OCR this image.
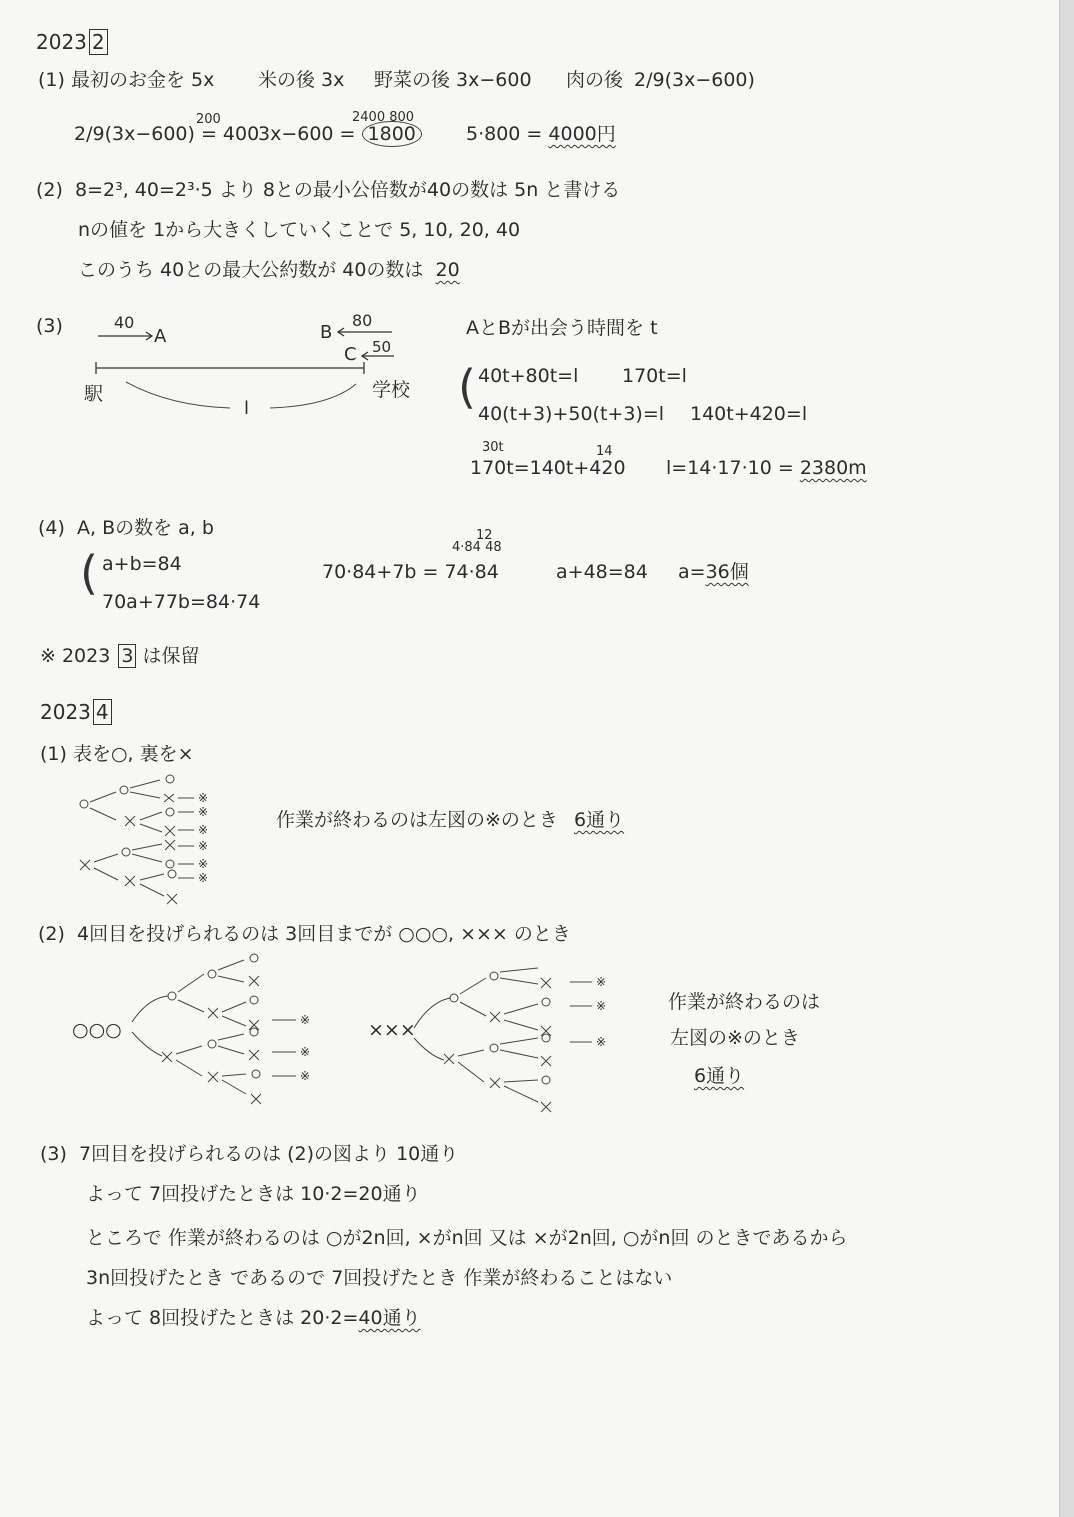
2023 2
(1) 最初のお金を 5x 米の後 3x 野菜の後 3x−600 肉の後 2/9(3x−600)
200
2/9(3x−600) = 400
2400 800
3x−600 = 1800	5·800 = 4000円
(2) 8=2³, 40=2³·5 より 8との最小公倍数が40の数は 5n と書ける
nの値を 1から大きくしていくことで 5, 10, 20, 40
このうち 40との最大公約数が 40の数は 20
(3)	40
A	B
80
C 50
駅	学校
l
AとBが出会う時間を t
( 40t+80t=l 170t=l
40(t+3)+50(t+3)=l 140t+420=l
30t	14
170t=140t+420 l=14·17·10 = 2380m
(4) A, Bの数を a, b
( a+b=84
70a+77b=84·74
12
4·84 48
70·84+7b = 74·84	a+48=84 a=36個
※ 2023 3 は保留
2023 4
(1) 表を○, 裏を×
※
※
※
※
※
※
作業が終わるのは左図の※のとき 6通り
(2) 4回目を投げられるのは 3回目までが ○○○, ××× のとき
○○○	※
※
※
×××
※
※
※
作業が終わるのは
左図の※のとき
6通り
(3) 7回目を投げられるのは (2)の図より 10通り
よって 7回投げたときは 10·2=20通り
ところで 作業が終わるのは ○が2n回, ×がn回 又は ×が2n回, ○がn回 のときであるから
3n回投げたとき であるので 7回投げたとき 作業が終わることはない
よって 8回投げたときは 20·2=40通り
